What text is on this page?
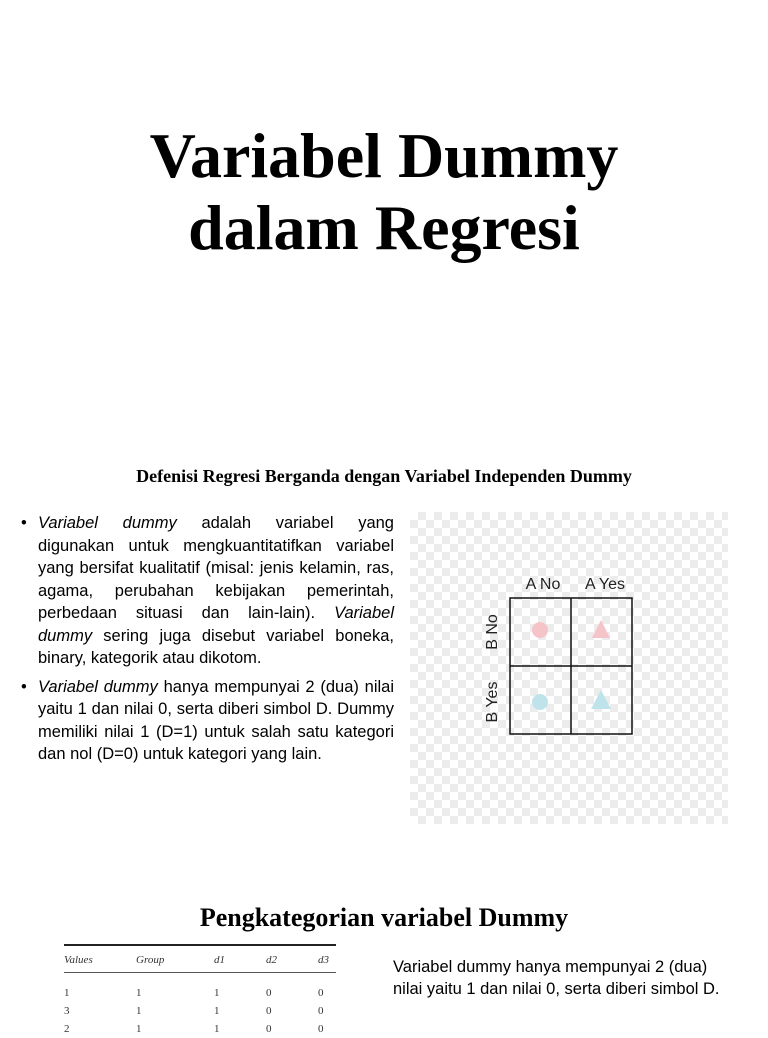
Variabel Dummy
dalam Regresi
Defenisi Regresi Berganda dengan Variabel Independen Dummy
• Variabel dummy adalah variabel yang digunakan untuk mengkuantitatifkan variabel yang bersifat kualitatif (misal: jenis kelamin, ras, agama, perubahan kebijakan pemerintah, perbedaan situasi dan lain-lain). Variabel dummy sering juga disebut variabel boneka, binary, kategorik atau dikotom.
• Variabel dummy hanya mempunyai 2 (dua) nilai yaitu 1 dan nilai 0, serta diberi simbol D. Dummy memiliki nilai 1 (D=1) untuk salah satu kategori dan nol (D=0) untuk kategori yang lain.
A No A Yes
B No
B Yes
Pengkategorian variabel Dummy
Values	Group	d1	d2	d3
1	1	1	0	0
3	1	1	0	0
2	1	1	0	0
Variabel dummy hanya mempunyai 2 (dua) nilai yaitu 1 dan nilai 0, serta diberi simbol D.
